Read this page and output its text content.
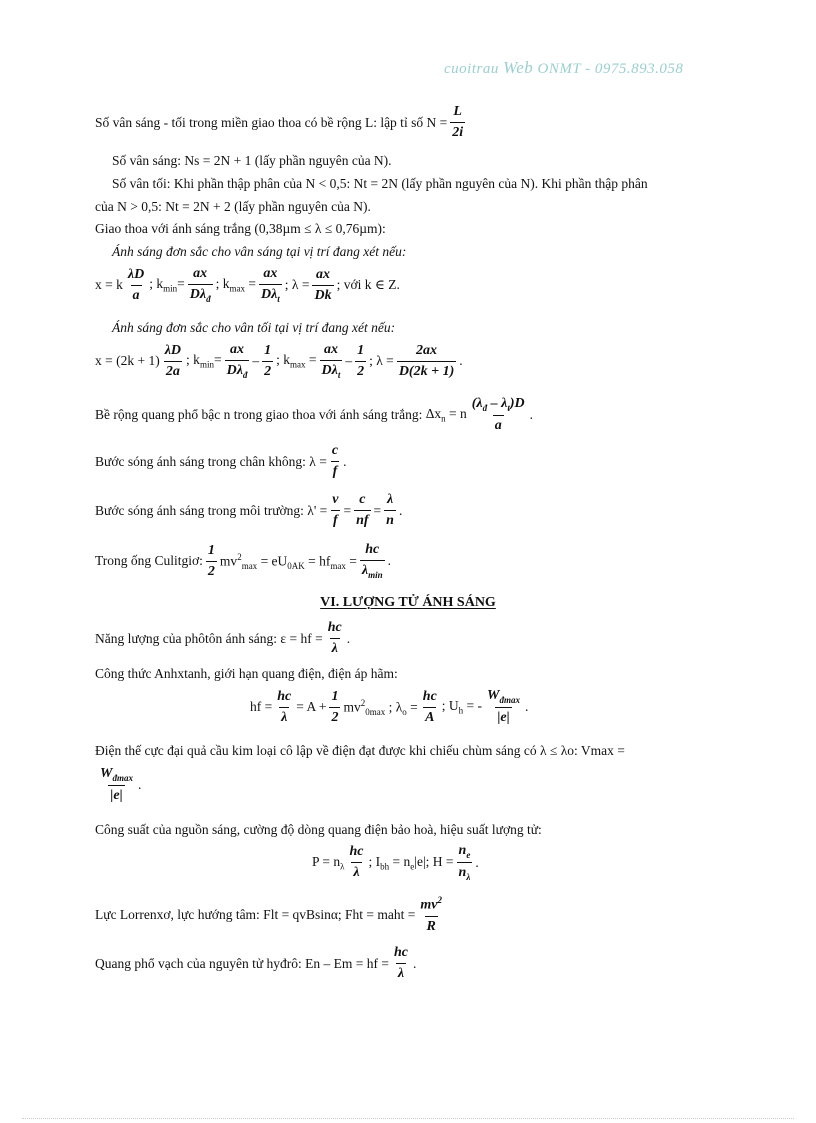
cuoitrau Web ONMT - 0975.893.058
Số vân sáng - tối trong miền giao thoa có bề rộng L: lập tỉ số $N = \frac{L}{2i}$
Số vân sáng: Ns = 2N + 1 (lấy phần nguyên của N).
Số vân tối: Khi phần thập phân của N < 0,5: Nt = 2N (lấy phần nguyên của N). Khi phần thập phân
của N > 0,5: Nt = 2N + 2 (lấy phần nguyên của N).
Giao thoa với ánh sáng trắng (0,38µm ≤ λ ≤ 0,76µm):
Ánh sáng đơn sắc cho vân sáng tại vị trí đang xét nếu:
x = k
λD
a
; $k_{min}=$
ax
$D\lambda_đ$
; $k_{max}$ =
ax
$D\lambda_t$
; $\lambda = \frac{ax}{Dk}$ ; với k ∈ Z.
Ánh sáng đơn sắc cho vân tối tại vị trí đang xét nếu:
x = (2k + 1)
λD
2a
; $k_{min}=$
ax
$D\lambda_đ$
–
1
2
; $k_{max}$ =
ax
$D\lambda_t$
–
1
2
; $\lambda = \frac{2ax}{D(2k + 1)}$ .
Bề rộng quang phổ bậc n trong giao thoa với ánh sáng trắng: $\Delta x_n = n$
$(\lambda_đ - \lambda_t)D$
a
.
Bước sóng ánh sáng trong chân không: $\lambda = \frac{c}{f}$ .
Bước sóng ánh sáng trong môi trường: $\lambda' = \frac{v}{f} = \frac{c}{nf} = \frac{\lambda}{n}$ .
Trong ống Culitgiơ:
1
2
$mv^2_{max} = eU_{0AK} = hf_{max}$ =
hc
$\lambda_{min}$
.
VI. LƯỢNG TỬ ÁNH SÁNG
Năng lượng của phôtôn ánh sáng: ε = hf = $\frac{hc}{\lambda}$ .
Công thức Anhxtanh, giới hạn quang điện, điện áp hãm:
hf = $\frac{hc}{\lambda} = A + \frac{1}{2} mv^2_{0max}$ ; $\lambda_o = \frac{hc}{A}$ ; $U_h$ = -
$W_{đmax}$
|e|
.
Điện thế cực đại quả cầu kim loại cô lập về điện đạt được khi chiếu chùm sáng có λ ≤ λo: Vmax =
$W_{đmax}$
|e|
.
Công suất của nguồn sáng, cường độ dòng quang điện bảo hoà, hiệu suất lượng tử:
$P = n_\lambda$
hc
λ
; $I_{bh} = n_e|e|$; $H = \frac{n_e}{n_\lambda}$ .
Lực Lorrenxơ, lực hướng tâm: Flt = qvBsinα; Fht = maht = $\frac{mv^2}{R}$
Quang phổ vạch của nguyên tử hyđrô: En – Em = hf = $\frac{hc}{\lambda}$ .
